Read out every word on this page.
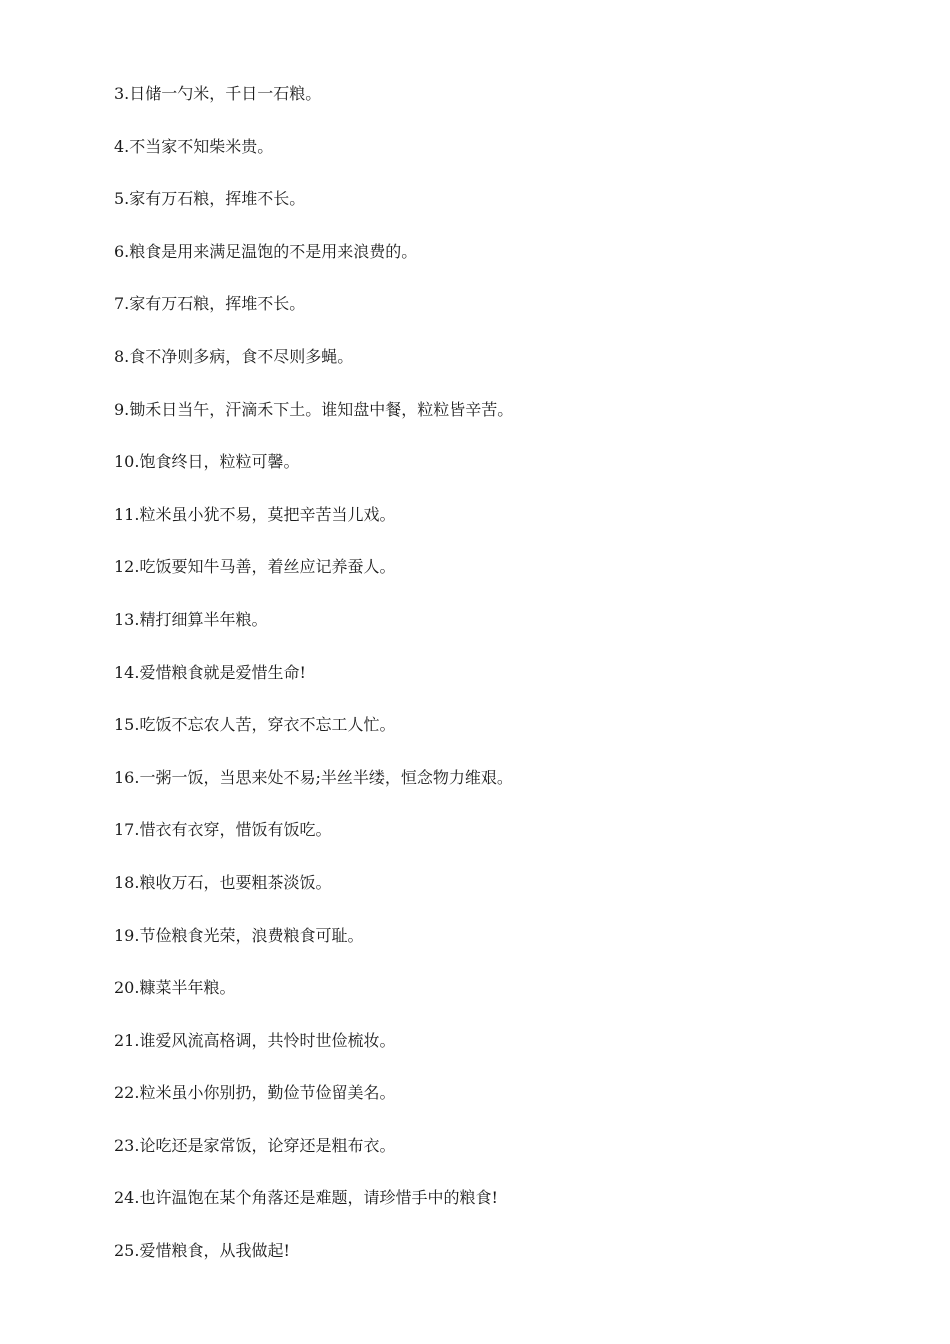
3.日储一勺米，千日一石粮。
4.不当家不知柴米贵。
5.家有万石粮，挥堆不长。
6.粮食是用来满足温饱的不是用来浪费的。
7.家有万石粮，挥堆不长。
8.食不净则多病，食不尽则多蝇。
9.锄禾日当午，汗滴禾下土。谁知盘中餐，粒粒皆辛苦。
10.饱食终日，粒粒可馨。
11.粒米虽小犹不易，莫把辛苦当儿戏。
12.吃饭要知牛马善，着丝应记养蚕人。
13.精打细算半年粮。
14.爱惜粮食就是爱惜生命!
15.吃饭不忘农人苦，穿衣不忘工人忙。
16.一粥一饭，当思来处不易;半丝半缕，恒念物力维艰。
17.惜衣有衣穿，惜饭有饭吃。
18.粮收万石，也要粗茶淡饭。
19.节俭粮食光荣，浪费粮食可耻。
20.糠菜半年粮。
21.谁爱风流高格调，共怜时世俭梳妆。
22.粒米虽小你别扔，勤俭节俭留美名。
23.论吃还是家常饭，论穿还是粗布衣。
24.也许温饱在某个角落还是难题，请珍惜手中的粮食!
25.爱惜粮食，从我做起!
